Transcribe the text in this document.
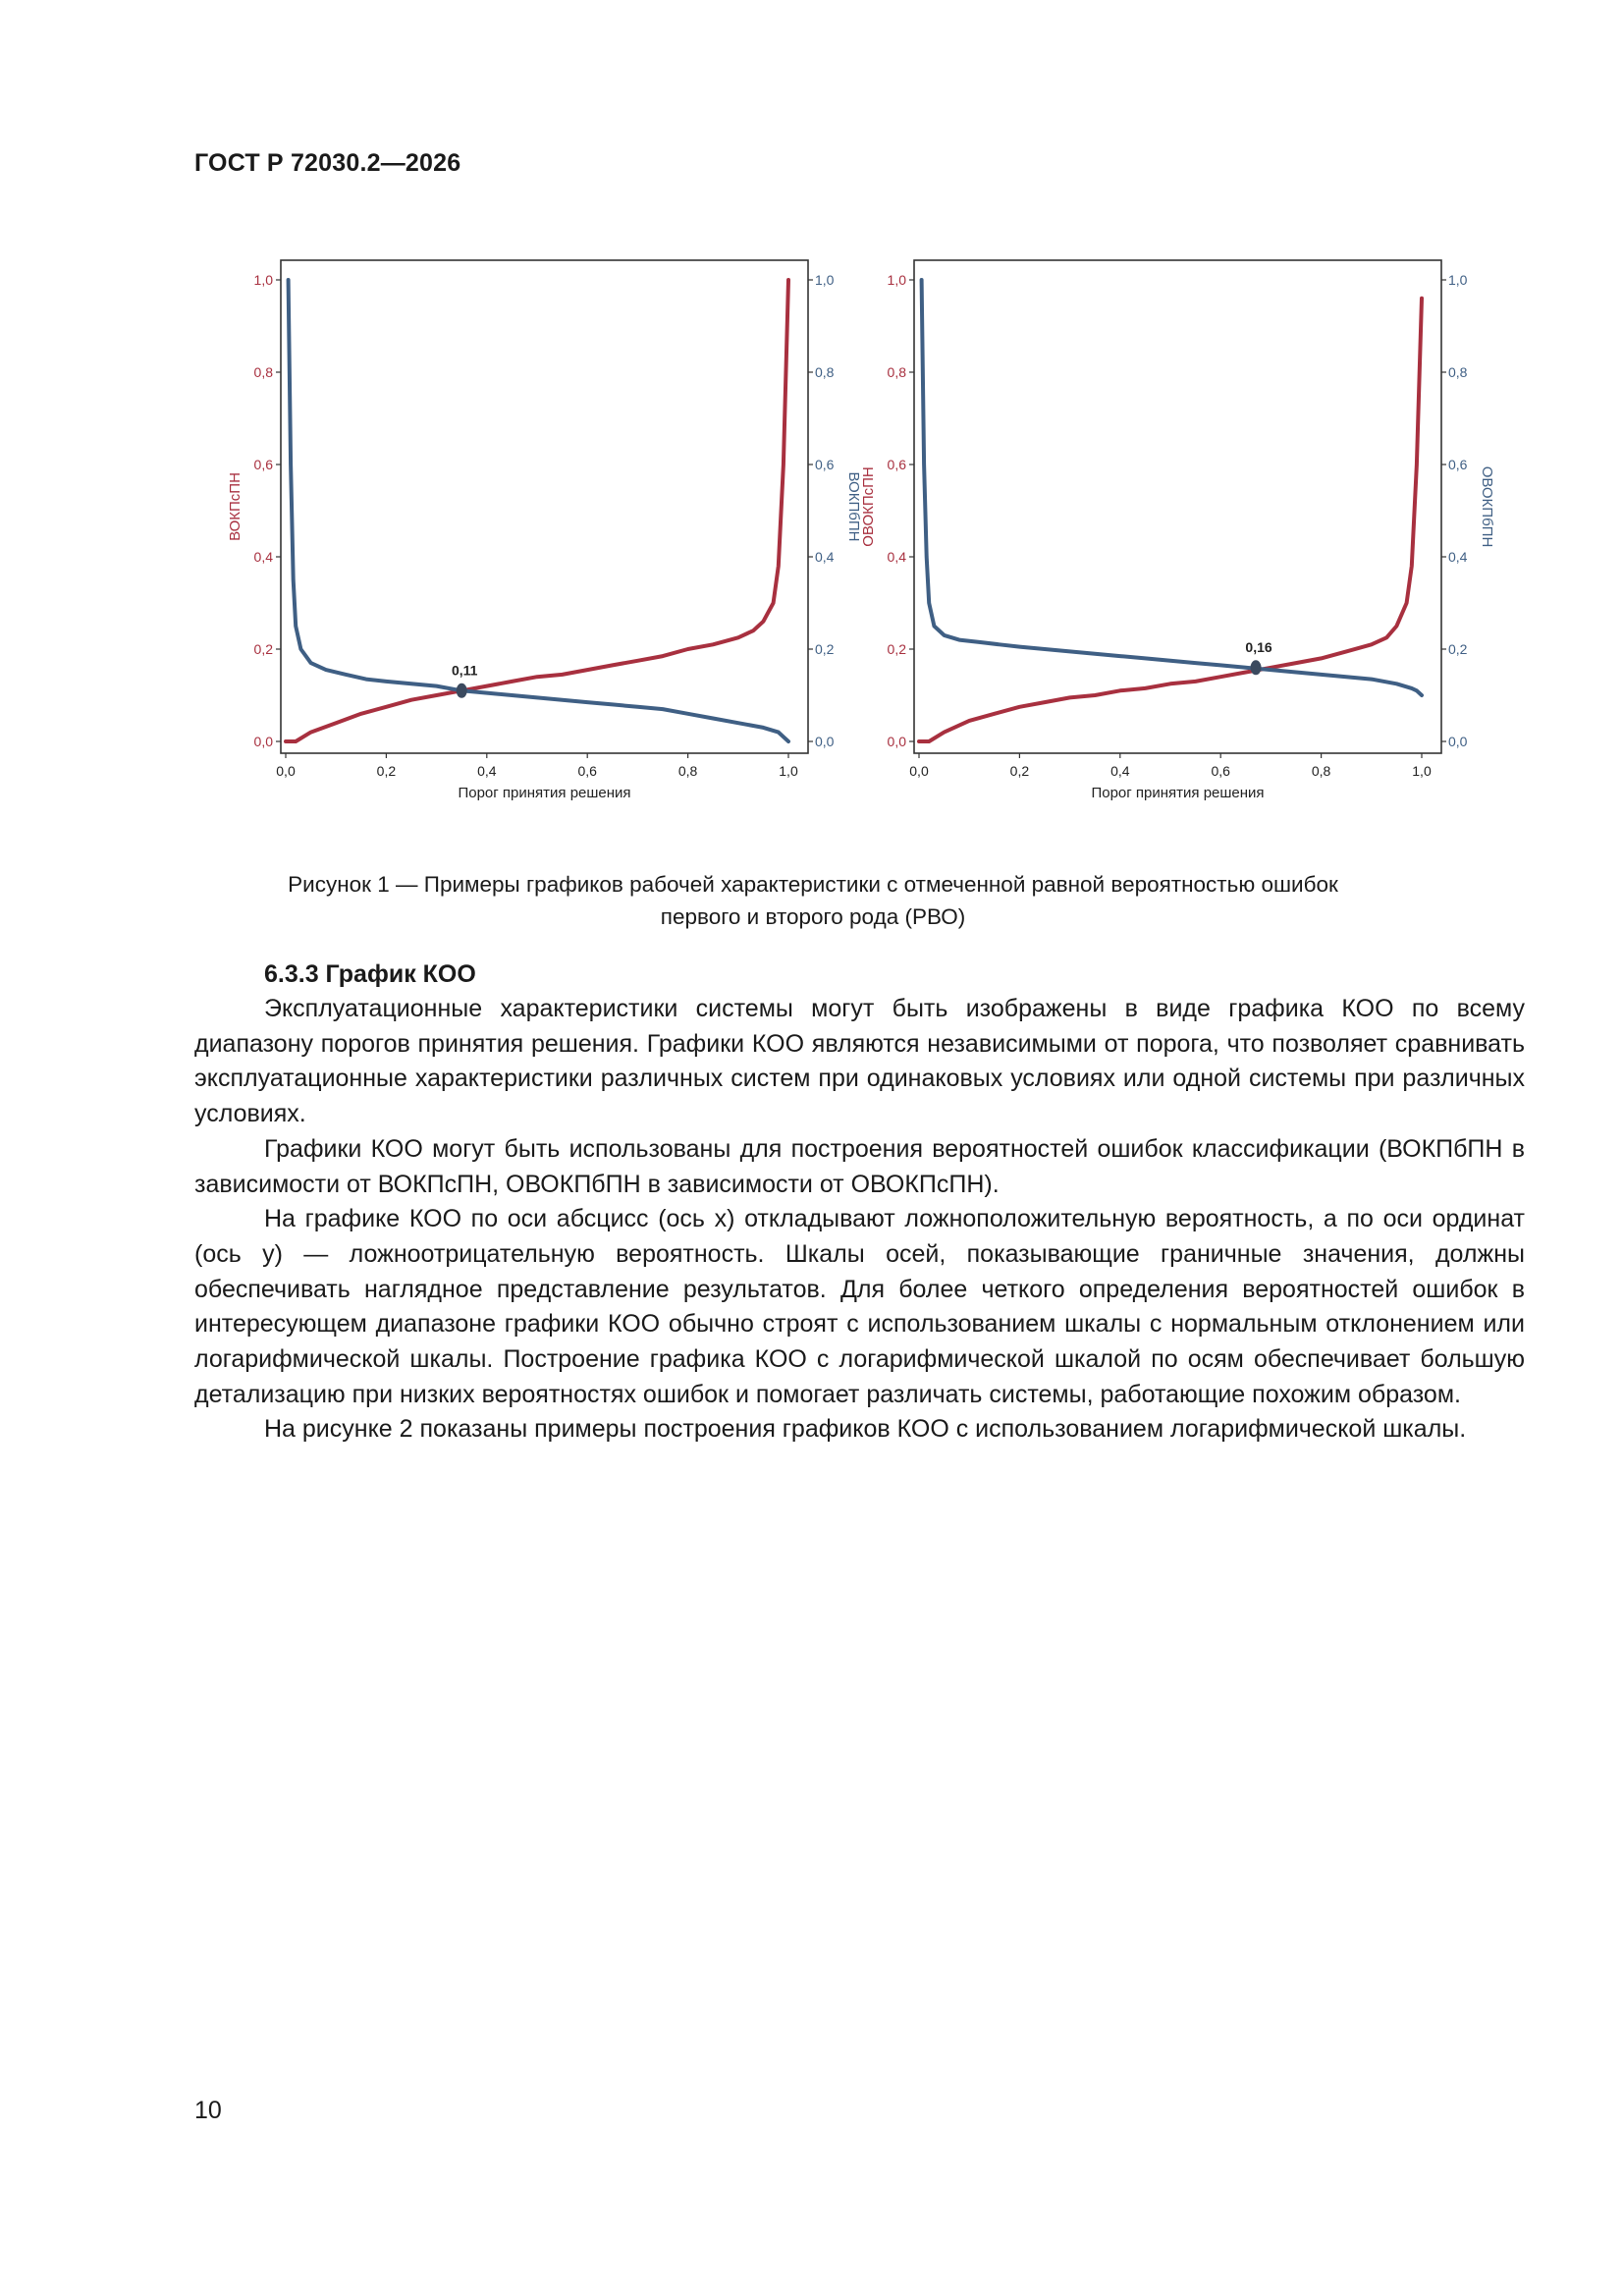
ГОСТ Р 72030.2—2026
0,0	0,0
0,2	0,2
0,4	0,4
0,6	0,6
0,8	0,8
1,0	1,0
0,0	0,2	0,4	0,6	0,8	1,0
Порог принятия решения
ВОКПсПН	ВОКПбПН
0,11
0,0	0,0
0,2	0,2
0,4	0,4
0,6	0,6
0,8	0,8
1,0	1,0
0,0	0,2	0,4	0,6	0,8	1,0
Порог принятия решения
ОВОКПсПН	ОВОКПбПН
0,16
Рисунок 1 — Примеры графиков рабочей характеристики с отмеченной равной вероятностью ошибок
первого и второго рода (РВО)
6.3.3 График КОО

Эксплуатационные характеристики системы могут быть изображены в виде графика КОО по всему диапазону порогов принятия решения. Графики КОО являются независимыми от порога, что позволяет сравнивать эксплуатационные характеристики различных систем при одинаковых условиях или одной системы при различных условиях.

Графики КОО могут быть использованы для построения вероятностей ошибок классификации (ВОКПбПН в зависимости от ВОКПсПН, ОВОКПбПН в зависимости от ОВОКПсПН).

На графике КОО по оси абсцисс (ось x) откладывают ложноположительную вероятность, а по оси ординат (ось y) — ложноотрицательную вероятность. Шкалы осей, показывающие граничные значения, должны обеспечивать наглядное представление результатов. Для более четкого определения вероятностей ошибок в интересующем диапазоне графики КОО обычно строят с использованием шкалы с нормальным отклонением или логарифмической шкалы. Построение графика КОО с логарифмической шкалой по осям обеспечивает большую детализацию при низких вероятностях ошибок и помогает различать системы, работающие похожим образом.

На рисунке 2 показаны примеры построения графиков КОО с использованием логарифмической шкалы.

10
